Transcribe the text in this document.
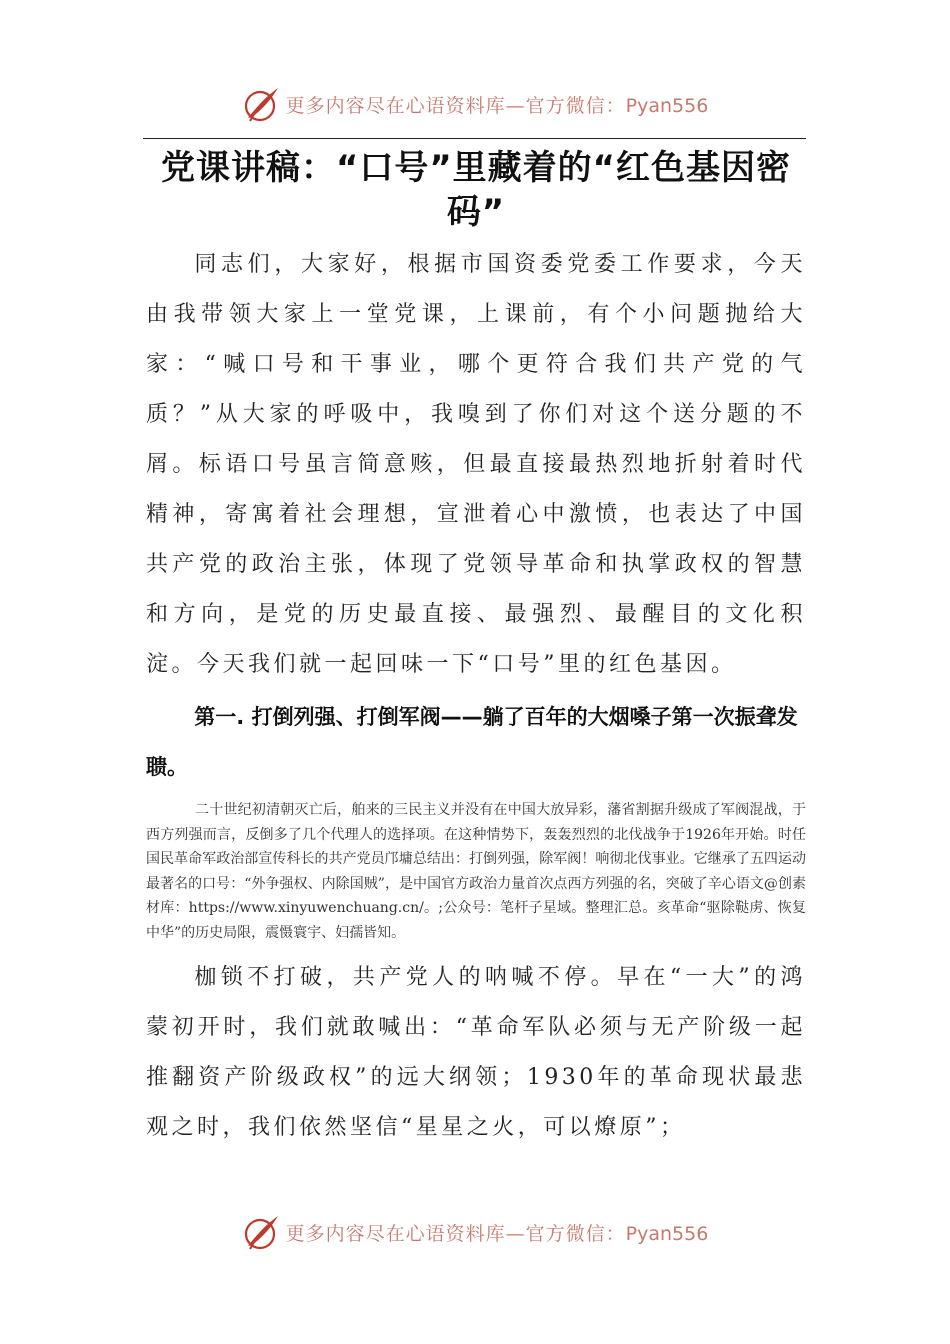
更多内容尽在心语资料库—官方微信：Pyan556
党课讲稿：“口号”里藏着的“红色基因密码”

同志们，大家好，根据市国资委党委工作要求，今天由我带领大家上一堂党课，上课前，有个小问题抛给大家：“喊口号和干事业，哪个更符合我们共产党的气质？”从大家的呼吸中，我嗅到了你们对这个送分题的不屑。标语口号虽言简意赅，但最直接最热烈地折射着时代精神，寄寓着社会理想，宣泄着心中激愤，也表达了中国共产党的政治主张，体现了党领导革命和执掌政权的智慧和方向，是党的历史最直接、最强烈、最醒目的文化积淀。今天我们就一起回味一下“口号”里的红色基因。

第一. 打倒列强、打倒军阀——躺了百年的大烟嗓子第一次振聋发聩。

二十世纪初清朝灭亡后，舶来的三民主义并没有在中国大放异彩，藩省割据升级成了军阀混战，于西方列强而言，反倒多了几个代理人的选择项。在这种情势下，轰轰烈烈的北伐战争于1926年开始。时任国民革命军政治部宣传科长的共产党员邝墉总结出：打倒列强，除军阀！响彻北伐事业。它继承了五四运动最著名的口号：“外争强权、内除国贼”，是中国官方政治力量首次点西方列强的名，突破了辛心语文@创素材库：https://www.xinyuwenchuang.cn/。;公众号：笔杆子星域。整理汇总。亥革命“驱除鞑虏、恢复中华”的历史局限，震慑寰宇、妇孺皆知。

枷锁不打破，共产党人的呐喊不停。早在“一大”的鸿蒙初开时，我们就敢喊出：“革命军队必须与无产阶级一起推翻资产阶级政权”的远大纲领；1930年的革命现状最悲观之时，我们依然坚信“星星之火，可以燎原”；

更多内容尽在心语资料库—官方微信：Pyan556
